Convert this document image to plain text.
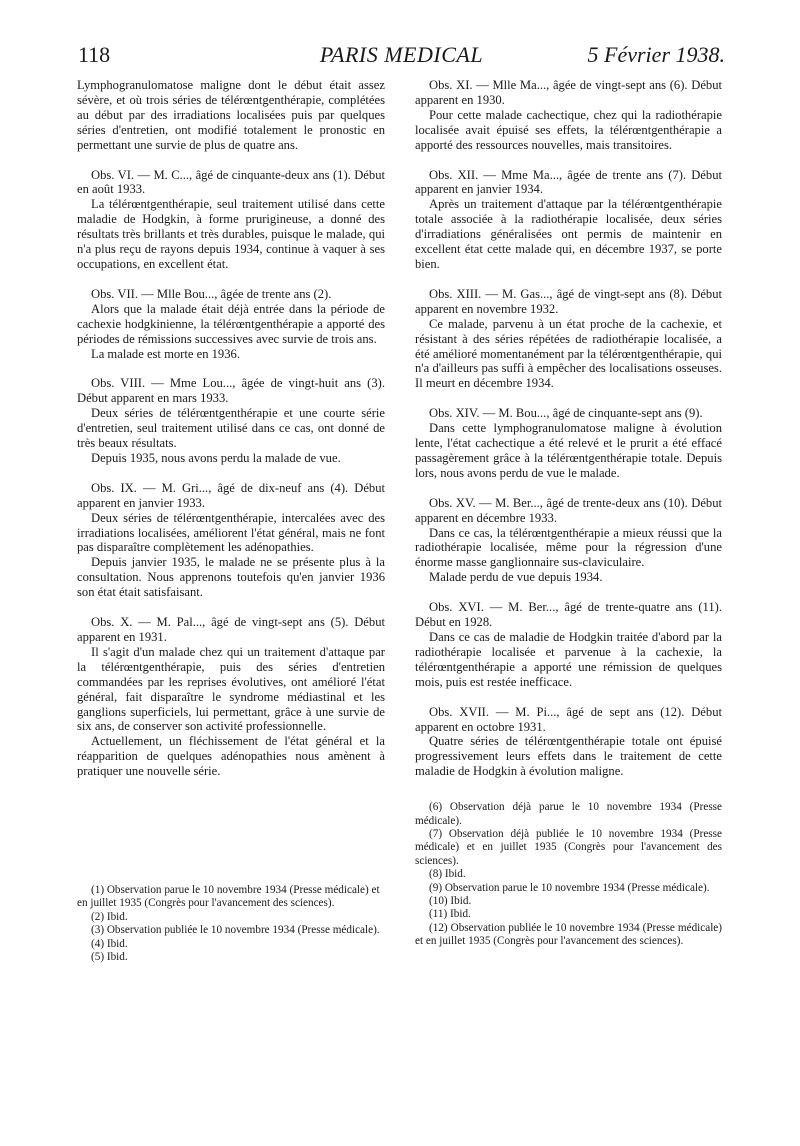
118	PARIS MEDICAL	5 Février 1938.

Lymphogranulomatose maligne dont le début était assez sévère, et où trois séries de télérœntgenthérapie, complétées au début par des irradiations localisées puis par quelques séries d'entretien, ont modifié totalement le pronostic en permettant une survie de plus de quatre ans.

Obs. VI. — M. C..., âgé de cinquante-deux ans (1). Début en août 1933.

La télérœntgenthérapie, seul traitement utilisé dans cette maladie de Hodgkin, à forme prurigineuse, a donné des résultats très brillants et très durables, puisque le malade, qui n'a plus reçu de rayons depuis 1934, continue à vaquer à ses occupations, en excellent état.

Obs. VII. — Mlle Bou..., âgée de trente ans (2).

Alors que la malade était déjà entrée dans la période de cachexie hodgkinienne, la télérœntgenthérapie a apporté des périodes de rémissions successives avec survie de trois ans.

La malade est morte en 1936.

Obs. VIII. — Mme Lou..., âgée de vingt-huit ans (3). Début apparent en mars 1933.

Deux séries de télérœntgenthérapie et une courte série d'entretien, seul traitement utilisé dans ce cas, ont donné de très beaux résultats.

Depuis 1935, nous avons perdu la malade de vue.

Obs. IX. — M. Gri..., âgé de dix-neuf ans (4). Début apparent en janvier 1933.

Deux séries de télérœntgenthérapie, intercalées avec des irradiations localisées, améliorent l'état général, mais ne font pas disparaître complètement les adénopathies.

Depuis janvier 1935, le malade ne se présente plus à la consultation. Nous apprenons toutefois qu'en janvier 1936 son état était satisfaisant.

Obs. X. — M. Pal..., âgé de vingt-sept ans (5). Début apparent en 1931.

Il s'agit d'un malade chez qui un traitement d'attaque par la télérœntgenthérapie, puis des séries d'entretien commandées par les reprises évolutives, ont amélioré l'état général, fait disparaître le syndrome médiastinal et les ganglions superficiels, lui permettant, grâce à une survie de six ans, de conserver son activité professionnelle.

Actuellement, un fléchissement de l'état général et la réapparition de quelques adénopathies nous amènent à pratiquer une nouvelle série.

(1) Observation parue le 10 novembre 1934 (Presse médicale) et en juillet 1935 (Congrès pour l'avancement des sciences).

(2) Ibid.

(3) Observation publiée le 10 novembre 1934 (Presse médicale).

(4) Ibid.

(5) Ibid.

Obs. XI. — Mlle Ma..., âgée de vingt-sept ans (6). Début apparent en 1930.

Pour cette malade cachectique, chez qui la radiothérapie localisée avait épuisé ses effets, la télérœntgenthérapie a apporté des ressources nouvelles, mais transitoires.

Obs. XII. — Mme Ma..., âgée de trente ans (7). Début apparent en janvier 1934.

Après un traitement d'attaque par la télérœntgenthérapie totale associée à la radiothérapie localisée, deux séries d'irradiations généralisées ont permis de maintenir en excellent état cette malade qui, en décembre 1937, se porte bien.

Obs. XIII. — M. Gas..., âgé de vingt-sept ans (8). Début apparent en novembre 1932.

Ce malade, parvenu à un état proche de la cachexie, et résistant à des séries répétées de radiothérapie localisée, a été amélioré momentanément par la télérœntgenthérapie, qui n'a d'ailleurs pas suffi à empêcher des localisations osseuses. Il meurt en décembre 1934.

Obs. XIV. — M. Bou..., âgé de cinquante-sept ans (9).

Dans cette lymphogranulomatose maligne à évolution lente, l'état cachectique a été relevé et le prurit a été effacé passagèrement grâce à la télérœntgenthérapie totale. Depuis lors, nous avons perdu de vue le malade.

Obs. XV. — M. Ber..., âgé de trente-deux ans (10). Début apparent en décembre 1933.

Dans ce cas, la télérœntgenthérapie a mieux réussi que la radiothérapie localisée, même pour la régression d'une énorme masse ganglionnaire sus-claviculaire.

Malade perdu de vue depuis 1934.

Obs. XVI. — M. Ber..., âgé de trente-quatre ans (11). Début en 1928.

Dans ce cas de maladie de Hodgkin traitée d'abord par la radiothérapie localisée et parvenue à la cachexie, la télérœntgenthérapie a apporté une rémission de quelques mois, puis est restée inefficace.

Obs. XVII. — M. Pi..., âgé de sept ans (12). Début apparent en octobre 1931.

Quatre séries de télérœntgenthérapie totale ont épuisé progressivement leurs effets dans le traitement de cette maladie de Hodgkin à évolution maligne.

(6) Observation déjà parue le 10 novembre 1934 (Presse médicale).

(7) Observation déjà publiée le 10 novembre 1934 (Presse médicale) et en juillet 1935 (Congrès pour l'avancement des sciences).

(8) Ibid.

(9) Observation parue le 10 novembre 1934 (Presse médicale).

(10) Ibid.

(11) Ibid.

(12) Observation publiée le 10 novembre 1934 (Presse médicale) et en juillet 1935 (Congrès pour l'avancement des sciences).
